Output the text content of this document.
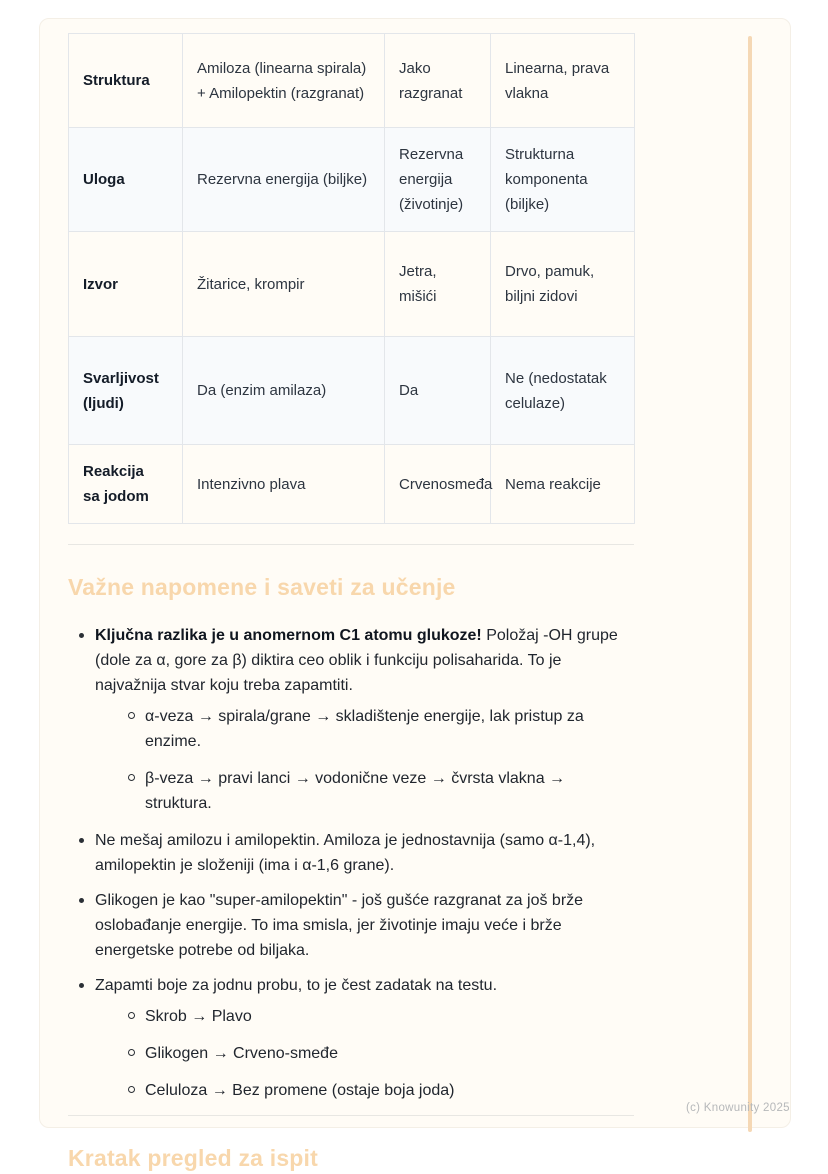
Struktura	Amiloza (linearna spirala) + Amilopektin (razgranat)	Jako razgranat	Linearna, prava vlakna
Uloga	Rezervna energija (biljke)	Rezervna energija (životinje)	Strukturna komponenta (biljke)
Izvor	Žitarice, krompir	Jetra, mišići	Drvo, pamuk, biljni zidovi
Svarljivost (ljudi)	Da (enzim amilaza)	Da	Ne (nedostatak celulaze)
Reakcija sa jodom	Intenzivno plava	Crvenosmeđa	Nema reakcije
Važne napomene i saveti za učenje
Ključna razlika je u anomernom C1 atomu glukoze! Položaj -OH grupe (dole za α, gore za β) diktira ceo oblik i funkciju polisaharida. To je najvažnija stvar koju treba zapamtiti.
α-veza → spirala/grane → skladištenje energije, lak pristup za enzime.
β-veza → pravi lanci → vodonične veze → čvrsta vlakna → struktura.
Ne mešaj amilozu i amilopektin. Amiloza je jednostavnija (samo α-1,4), amilopektin je složeniji (ima i α-1,6 grane).
Glikogen je kao "super-amilopektin" - još gušće razgranat za još brže oslobađanje energije. To ima smisla, jer životinje imaju veće i brže energetske potrebe od biljaka.
Zapamti boje za jodnu probu, to je čest zadatak na testu.
Skrob → Plavo
Glikogen → Crveno-smeđe
Celuloza → Bez promene (ostaje boja joda)
Kratak pregled za ispit
(c) Knowunity 2025
